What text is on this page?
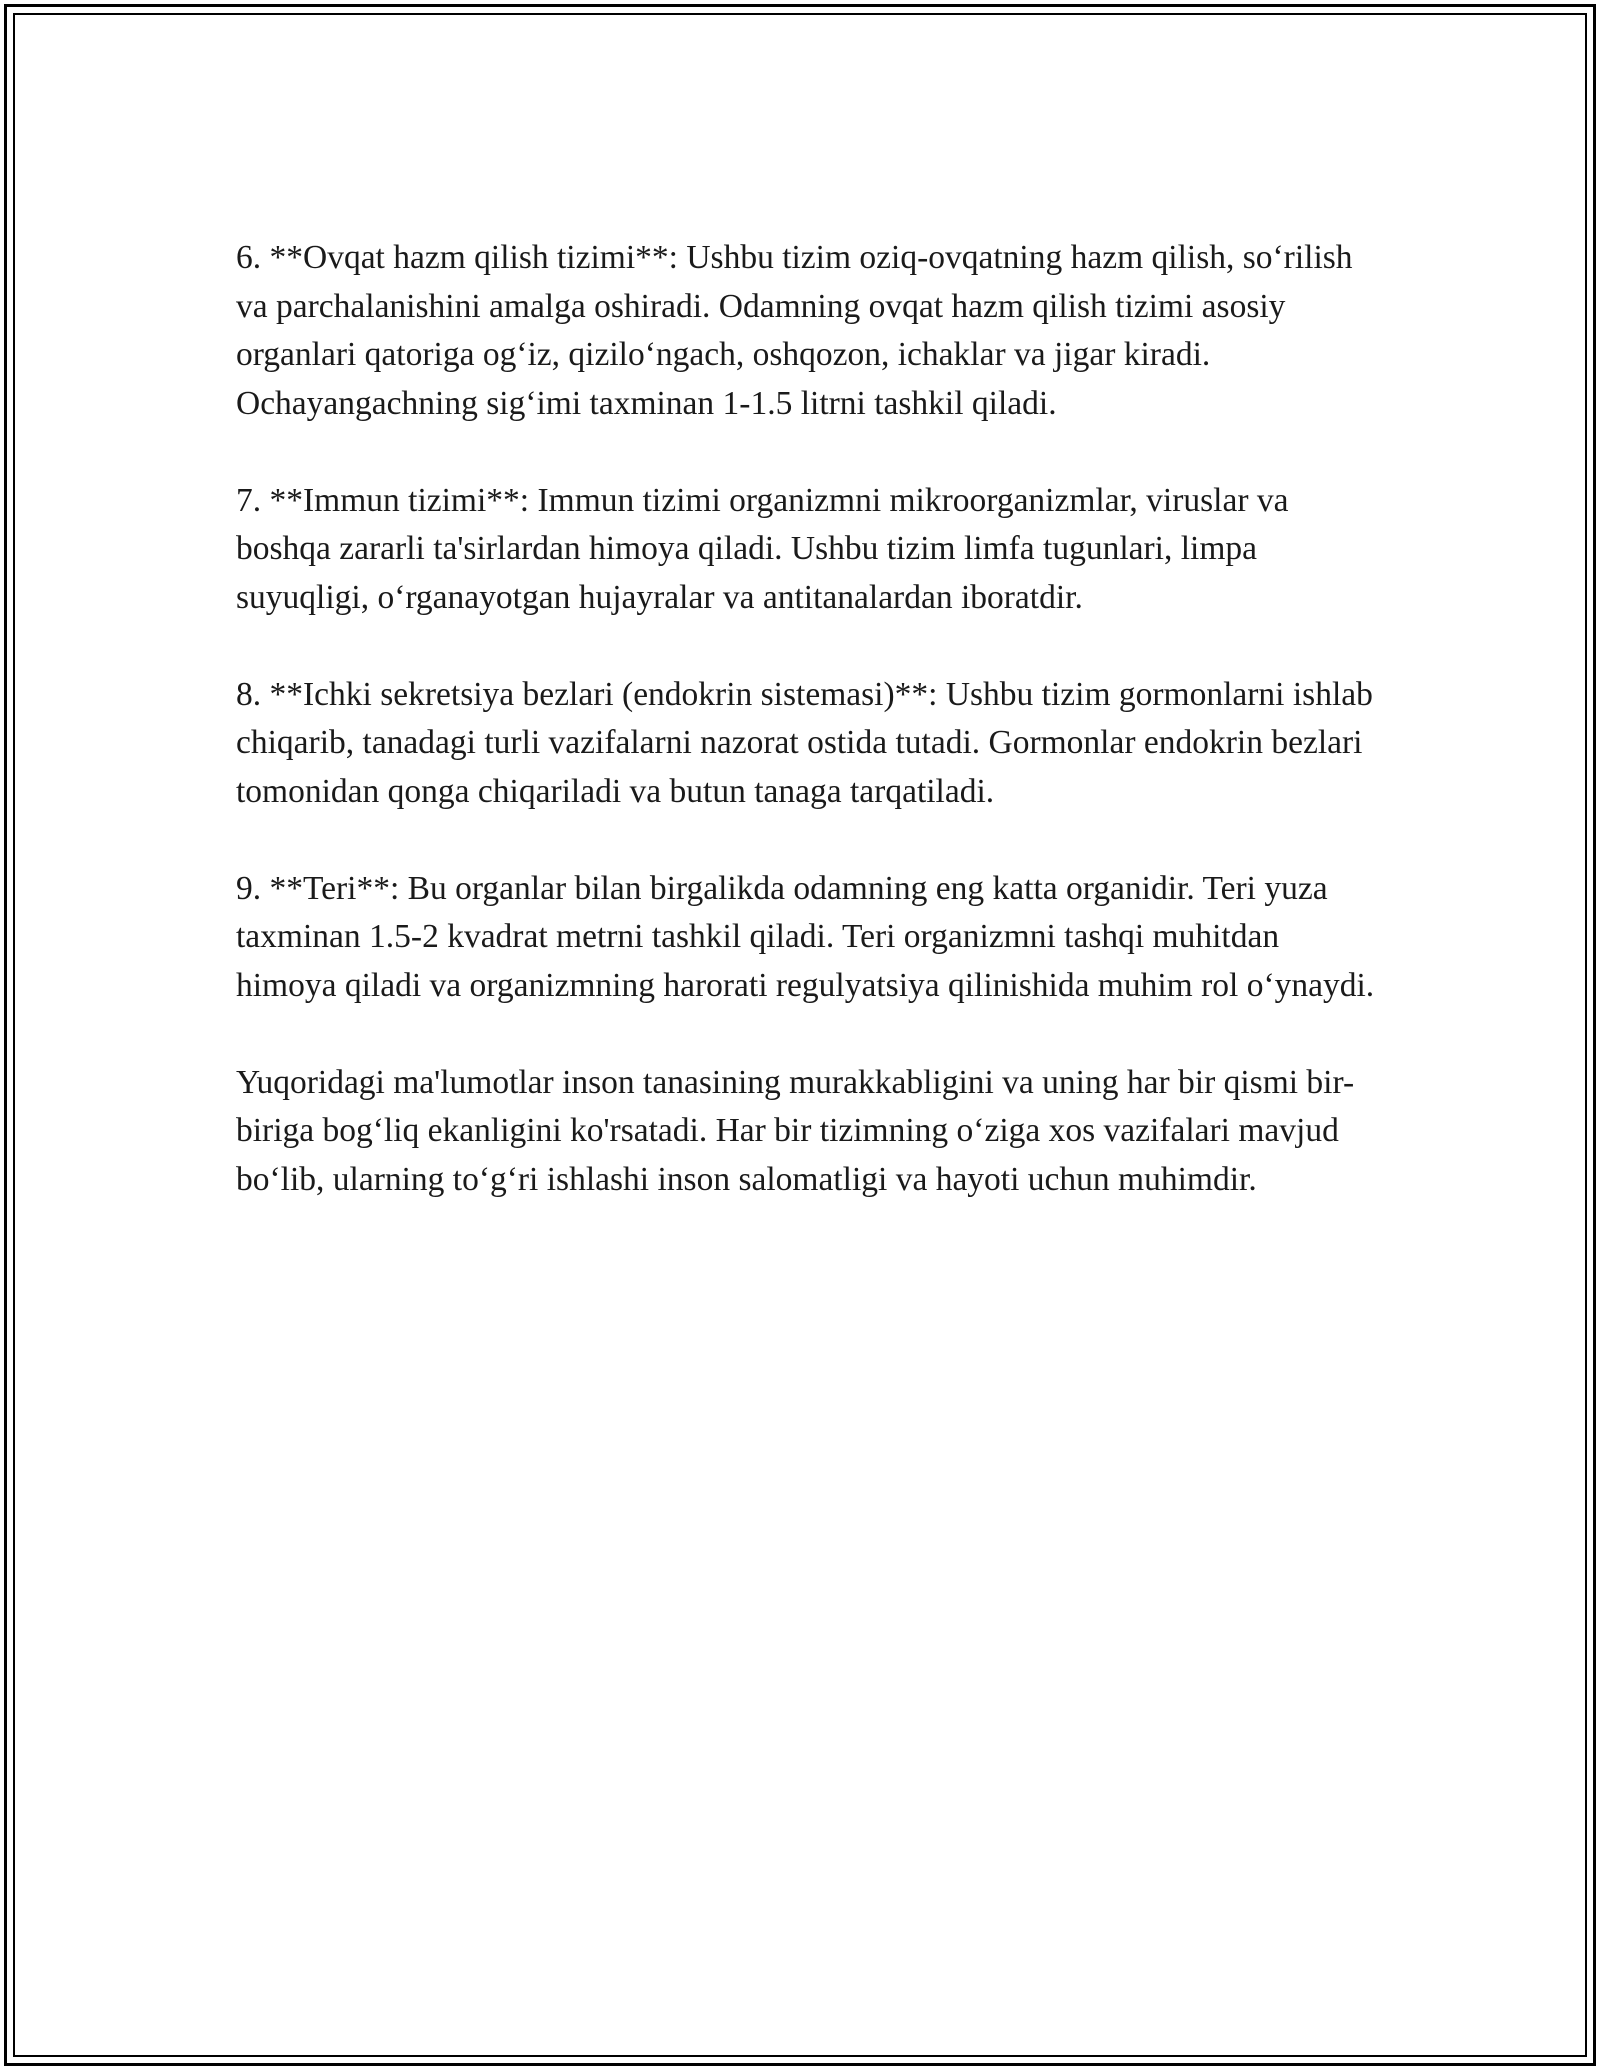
6. **Ovqat hazm qilish tizimi**: Ushbu tizim oziq-ovqatning hazm qilish, so‘rilish va parchalanishini amalga oshiradi. Odamning ovqat hazm qilish tizimi asosiy organlari qatoriga og‘iz, qizilo‘ngach, oshqozon, ichaklar va jigar kiradi. Ochayangachning sig‘imi taxminan 1-1.5 litrni tashkil qiladi.

7. **Immun tizimi**: Immun tizimi organizmni mikroorganizmlar, viruslar va boshqa zararli ta'sirlardan himoya qiladi. Ushbu tizim limfa tugunlari, limpa suyuqligi, o‘rganayotgan hujayralar va antitanalardan iboratdir.

8. **Ichki sekretsiya bezlari (endokrin sistemasi)**: Ushbu tizim gormonlarni ishlab chiqarib, tanadagi turli vazifalarni nazorat ostida tutadi. Gormonlar endokrin bezlari tomonidan qonga chiqariladi va butun tanaga tarqatiladi.

9. **Teri**: Bu organlar bilan birgalikda odamning eng katta organidir. Teri yuza taxminan 1.5-2 kvadrat metrni tashkil qiladi. Teri organizmni tashqi muhitdan himoya qiladi va organizmning harorati regulyatsiya qilinishida muhim rol o‘ynaydi.

Yuqoridagi ma'lumotlar inson tanasining murakkabligini va uning har bir qismi bir-biriga bog‘liq ekanligini ko'rsatadi. Har bir tizimning o‘ziga xos vazifalari mavjud bo‘lib, ularning to‘g‘ri ishlashi inson salomatligi va hayoti uchun muhimdir.
